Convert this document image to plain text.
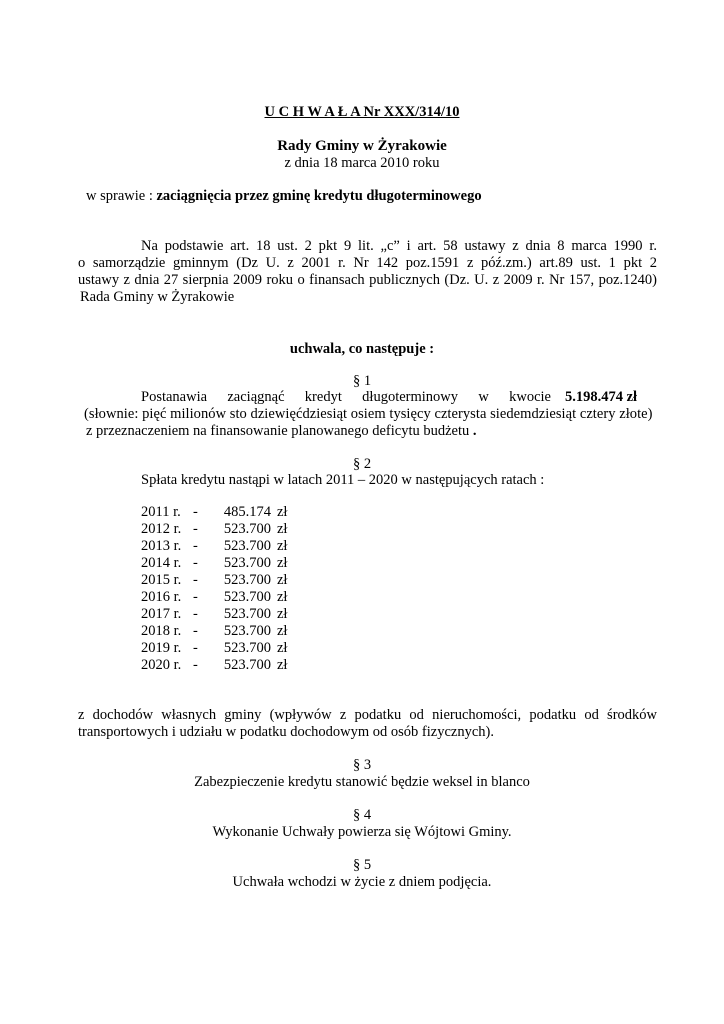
U C H W A Ł A Nr XXX/314/10
Rady Gminy w Żyrakowie
z dnia 18 marca 2010 roku
w sprawie : zaciągnięcia przez gminę kredytu długoterminowego
Na podstawie art. 18 ust. 2 pkt 9 lit. „c” i art. 58 ustawy z dnia 8 marca 1990 r.
o samorządzie gminnym (Dz U. z 2001 r. Nr 142 poz.1591 z póź.zm.) art.89 ust. 1 pkt 2
ustawy z dnia 27 sierpnia 2009 roku o finansach publicznych (Dz. U. z 2009 r. Nr 157, poz.1240)
Rada Gminy w Żyrakowie
uchwala, co następuje :
§ 1
Postanawia zaciągnąć kredyt długoterminowy w kwocie 5.198.474 zł
(słownie: pięć milionów sto dziewięćdziesiąt osiem tysięcy czterysta siedemdziesiąt cztery złote)
z przeznaczeniem na finansowanie planowanego deficytu budżetu .
§ 2
Spłata kredytu nastąpi w latach 2011 – 2020 w następujących ratach :
2011 r. - 485.174 zł
2012 r. - 523.700 zł
2013 r. - 523.700 zł
2014 r. - 523.700 zł
2015 r. - 523.700 zł
2016 r. - 523.700 zł
2017 r. - 523.700 zł
2018 r. - 523.700 zł
2019 r. - 523.700 zł
2020 r. - 523.700 zł
z dochodów własnych gminy (wpływów z podatku od nieruchomości, podatku od środków
transportowych i udziału w podatku dochodowym od osób fizycznych).
§ 3
Zabezpieczenie kredytu stanowić będzie weksel in blanco
§ 4
Wykonanie Uchwały powierza się Wójtowi Gminy.
§ 5
Uchwała wchodzi w życie z dniem podjęcia.
